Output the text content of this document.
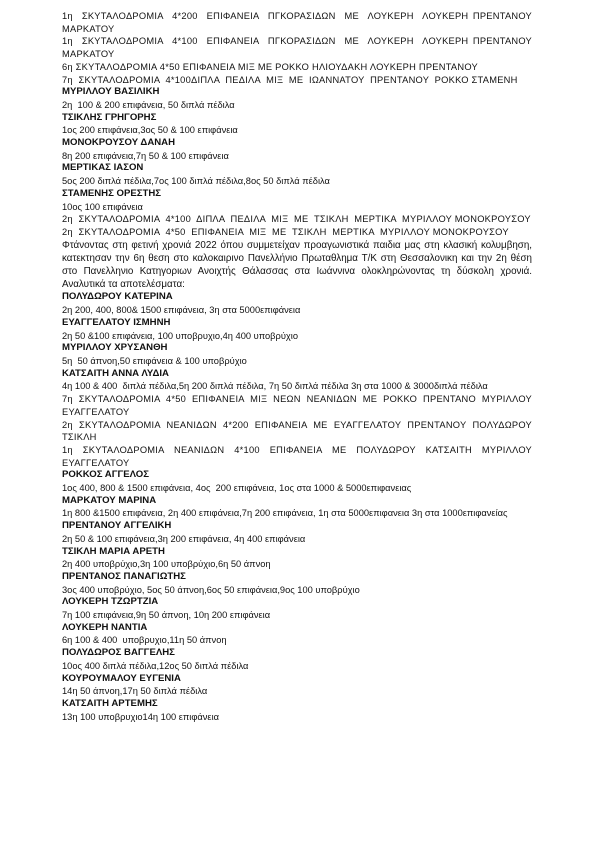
1η  ΣΚΥΤΑΛΟΔΡΟΜΙΑ  4*200  ΕΠΙΦΑΝΕΙΑ  ΠΓΚΟΡΑΣΙΔΩΝ  ΜΕ  ΛΟΥΚΕΡΗ  ΛΟΥΚΕΡΗ ΠΡΕΝΤΑΝΟΥ ΜΑΡΚΑΤΟΥ
1η  ΣΚΥΤΑΛΟΔΡΟΜΙΑ  4*100  ΕΠΙΦΑΝΕΙΑ  ΠΓΚΟΡΑΣΙΔΩΝ  ΜΕ  ΛΟΥΚΕΡΗ  ΛΟΥΚΕΡΗ ΠΡΕΝΤΑΝΟΥ ΜΑΡΚΑΤΟΥ
6η ΣΚΥΤΑΛΟΔΡΟΜΙΑ 4*50 ΕΠΙΦΑΝΕΙΑ ΜΙΞ ΜΕ ΡΟΚΚΟ ΗΛΙΟΥΔΑΚΗ ΛΟΥΚΕΡΗ ΠΡΕΝΤΑΝΟΥ
7η  ΣΚΥΤΑΛΟΔΡΟΜΙΑ  4*100ΔΙΠΛΑ  ΠΕΔΙΛΑ  ΜΙΞ  ΜΕ  ΙΩΑΝΝΑΤΟΥ  ΠΡΕΝΤΑΝΟΥ  ΡΟΚΚΟ ΣΤΑΜΕΝΗ
ΜΥΡΙΛΛΟΥ ΒΑΣΙΛΙΚΗ
2η  100 & 200 επιφάνεια, 50 διπλά πέδιλα
ΤΣΙΚΛΗΣ ΓΡΗΓΟΡΗΣ
1ος 200 επιφάνεια,3ος 50 & 100 επιφάνεια
ΜΟΝΟΚΡΟΥΣΟΥ ΔΑΝΑΗ
8η 200 επιφάνεια,7η 50 & 100 επιφάνεια
ΜΕΡΤΙΚΑΣ ΙΑΣΟΝ
5ος 200 διπλά πέδιλα,7ος 100 διπλά πέδιλα,8ος 50 διπλά πέδιλα
ΣΤΑΜΕΝΗΣ ΟΡΕΣΤΗΣ
10ος 100 επιφάνεια
2η  ΣΚΥΤΑΛΟΔΡΟΜΙΑ  4*100  ΔΙΠΛΑ  ΠΕΔΙΛΑ  ΜΙΞ  ΜΕ  ΤΣΙΚΛΗ  ΜΕΡΤΙΚΑ  ΜΥΡΙΛΛΟΥ ΜΟΝΟΚΡΟΥΣΟΥ
2η  ΣΚΥΤΑΛΟΔΡΟΜΙΑ  4*50  ΕΠΙΦΑΝΕΙΑ  ΜΙΞ  ΜΕ  ΤΣΙΚΛΗ  ΜΕΡΤΙΚΑ  ΜΥΡΙΛΛΟΥ ΜΟΝΟΚΡΟΥΣΟΥ
Φτάνοντας στη φετινή χρονιά 2022 όπου συμμετείχαν προαγωνιστικά παιδια μας στη κλασική κολυμβηση, κατεκτησαν την 6η θεση στο καλοκαιρινο Πανελλήνιο Πρωταθλημα Τ/Κ στη Θεσσαλονικη και την 2η θέση στο Πανελληνιο Κατηγοριων Ανοιχτής Θάλασσας στα Ιωάννινα ολοκληρώνοντας τη δύσκολη χρονιά. Αναλυτικά τα αποτελέσματα:
ΠΟΛΥΔΩΡΟΥ ΚΑΤΕΡΙΝΑ
2η 200, 400, 800& 1500 επιφάνεια, 3η στα 5000επιφάνεια
ΕΥΑΓΓΕΛΑΤΟΥ ΙΣΜΗΝΗ
2η 50 &100 επιφάνεια, 100 υποβρυχιο,4η 400 υποβρύχιο
ΜΥΡΙΛΛΟΥ ΧΡΥΣΑΝΘΗ
5η  50 άπνοη,50 επιφάνεια & 100 υποβρύχιο
ΚΑΤΣΑΙΤΗ ΑΝΝΑ ΛΥΔΙΑ
4η 100 & 400  διπλά πέδιλα,5η 200 διπλά πέδιλα, 7η 50 διπλά πέδιλα 3η στα 1000 & 3000διπλά πέδιλα
7η ΣΚΥΤΑΛΟΔΡΟΜΙΑ 4*50 ΕΠΙΦΑΝΕΙΑ ΜΙΞ ΝΕΩΝ ΝΕΑΝΙΔΩΝ ΜΕ ΡΟΚΚΟ ΠΡΕΝΤΑΝΟ ΜΥΡΙΛΛΟΥ ΕΥΑΓΓΕΛΑΤΟΥ
2η ΣΚΥΤΑΛΟΔΡΟΜΙΑ ΝΕΑΝΙΔΩΝ 4*200 ΕΠΙΦΑΝΕΙΑ ΜΕ ΕΥΑΓΓΕΛΑΤΟΥ ΠΡΕΝΤΑΝΟΥ ΠΟΛΥΔΩΡΟΥ ΤΣΙΚΛΗ
1η  ΣΚΥΤΑΛΟΔΡΟΜΙΑ  ΝΕΑΝΙΔΩΝ  4*100  ΕΠΙΦΑΝΕΙΑ  ΜΕ  ΠΟΛΥΔΩΡΟΥ  ΚΑΤΣΑΙΤΗ  ΜΥΡΙΛΛΟΥ ΕΥΑΓΓΕΛΑΤΟΥ
ΡΟΚΚΟΣ ΑΓΓΕΛΟΣ
1ος 400, 800 & 1500 επιφάνεια, 4ος  200 επιφάνεια, 1ος στα 1000 & 5000επιφανειας
ΜΑΡΚΑΤΟΥ ΜΑΡΙΝΑ
1η 800 &1500 επιφάνεια, 2η 400 επιφάνεια,7η 200 επιφάνεια, 1η στα 5000επιφανεια 3η στα 1000επιφανείας
ΠΡΕΝΤΑΝΟΥ ΑΓΓΕΛΙΚΗ
2η 50 & 100 επιφάνεια,3η 200 επιφάνεια, 4η 400 επιφάνεια
ΤΣΙΚΛΗ ΜΑΡΙΑ ΑΡΕΤΗ
2η 400 υποβρύχιο,3η 100 υποβρύχιο,6η 50 άπνοη
ΠΡΕΝΤΑΝΟΣ ΠΑΝΑΓΙΩΤΗΣ
3ος 400 υποβρύχιο, 5ος 50 άπνοη,6ος 50 επιφάνεια,9ος 100 υποβρύχιο
ΛΟΥΚΕΡΗ ΤΖΩΡΤΖΙΑ
7η 100 επιφάνεια,9η 50 άπνοη, 10η 200 επιφάνεια
ΛΟΥΚΕΡΗ ΝΑΝΤΙΑ
6η 100 & 400  υποβρυχιο,11η 50 άπνοη
ΠΟΛΥΔΩΡΟΣ ΒΑΓΓΕΛΗΣ
10ος 400 διπλά πέδιλα,12ος 50 διπλά πέδιλα
ΚΟΥΡΟΥΜΑΛΟΥ ΕΥΓΕΝΙΑ
14η 50 άπνοη,17η 50 διπλά πέδιλα
ΚΑΤΣΑΙΤΗ ΑΡΤΕΜΗΣ
13η 100 υποβρυχιο14η 100 επιφάνεια
